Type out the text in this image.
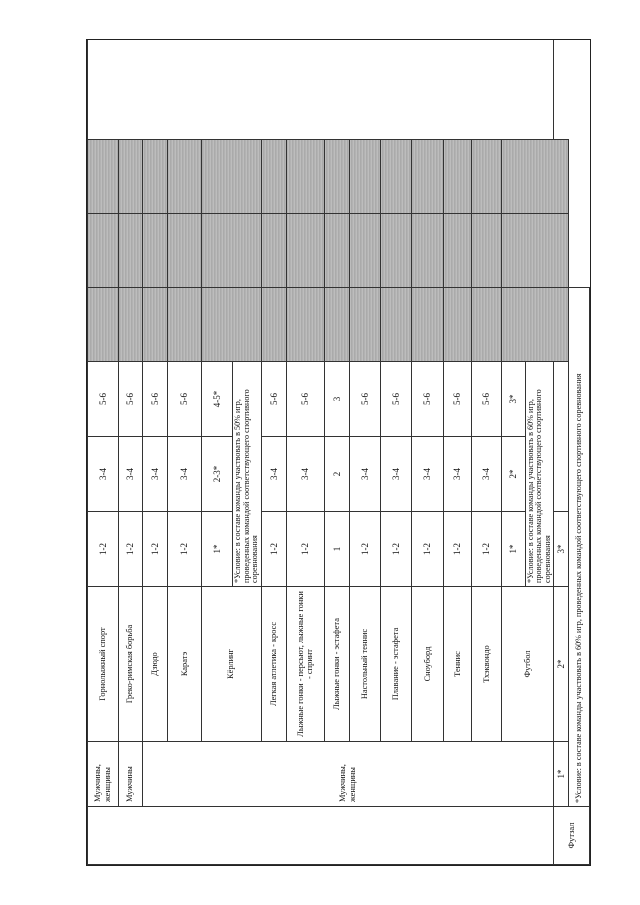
	Мужчины, женщины	Горнолыжный спорт	1-2	3-4	5-6				
	Мужчины	Греко-римская борьба	1-2	3-4	5-6				
	Мужчины, женщины	Дзюдо	1-2	3-4	5-6				
		Каратэ	1-2	3-4	5-6				
		Кёрлинг	1*	2-3*	4-5*				
			*Условие: в составе команды участвовать в 50% игр, проведенных командой соответствующего спортивного соревнования						
		Легкая атлетика - кросс	1-2	3-4	5-6				
		Лыжные гонки - персьют, лыжные гонки - спринт	1-2	3-4	5-6				
		Лыжные гонки - эстафета	1	2	3				
		Настольный теннис	1-2	3-4	5-6				
		Плавание - эстафета	1-2	3-4	5-6				
		Сноуборд	1-2	3-4	5-6				
		Теннис	1-2	3-4	5-6				
		Тхэквондо	1-2	3-4	5-6				
		Футбол	1*	2*	3*				
			*Условие: в составе команды участвовать в 60% игр, проведенных командой соответствующего спортивного соревнования						
Футзал	1*	2*	3*						
	*Условие: в составе команды участвовать в 60% игр, проведенных командой соответствующего спортивного соревнования								
